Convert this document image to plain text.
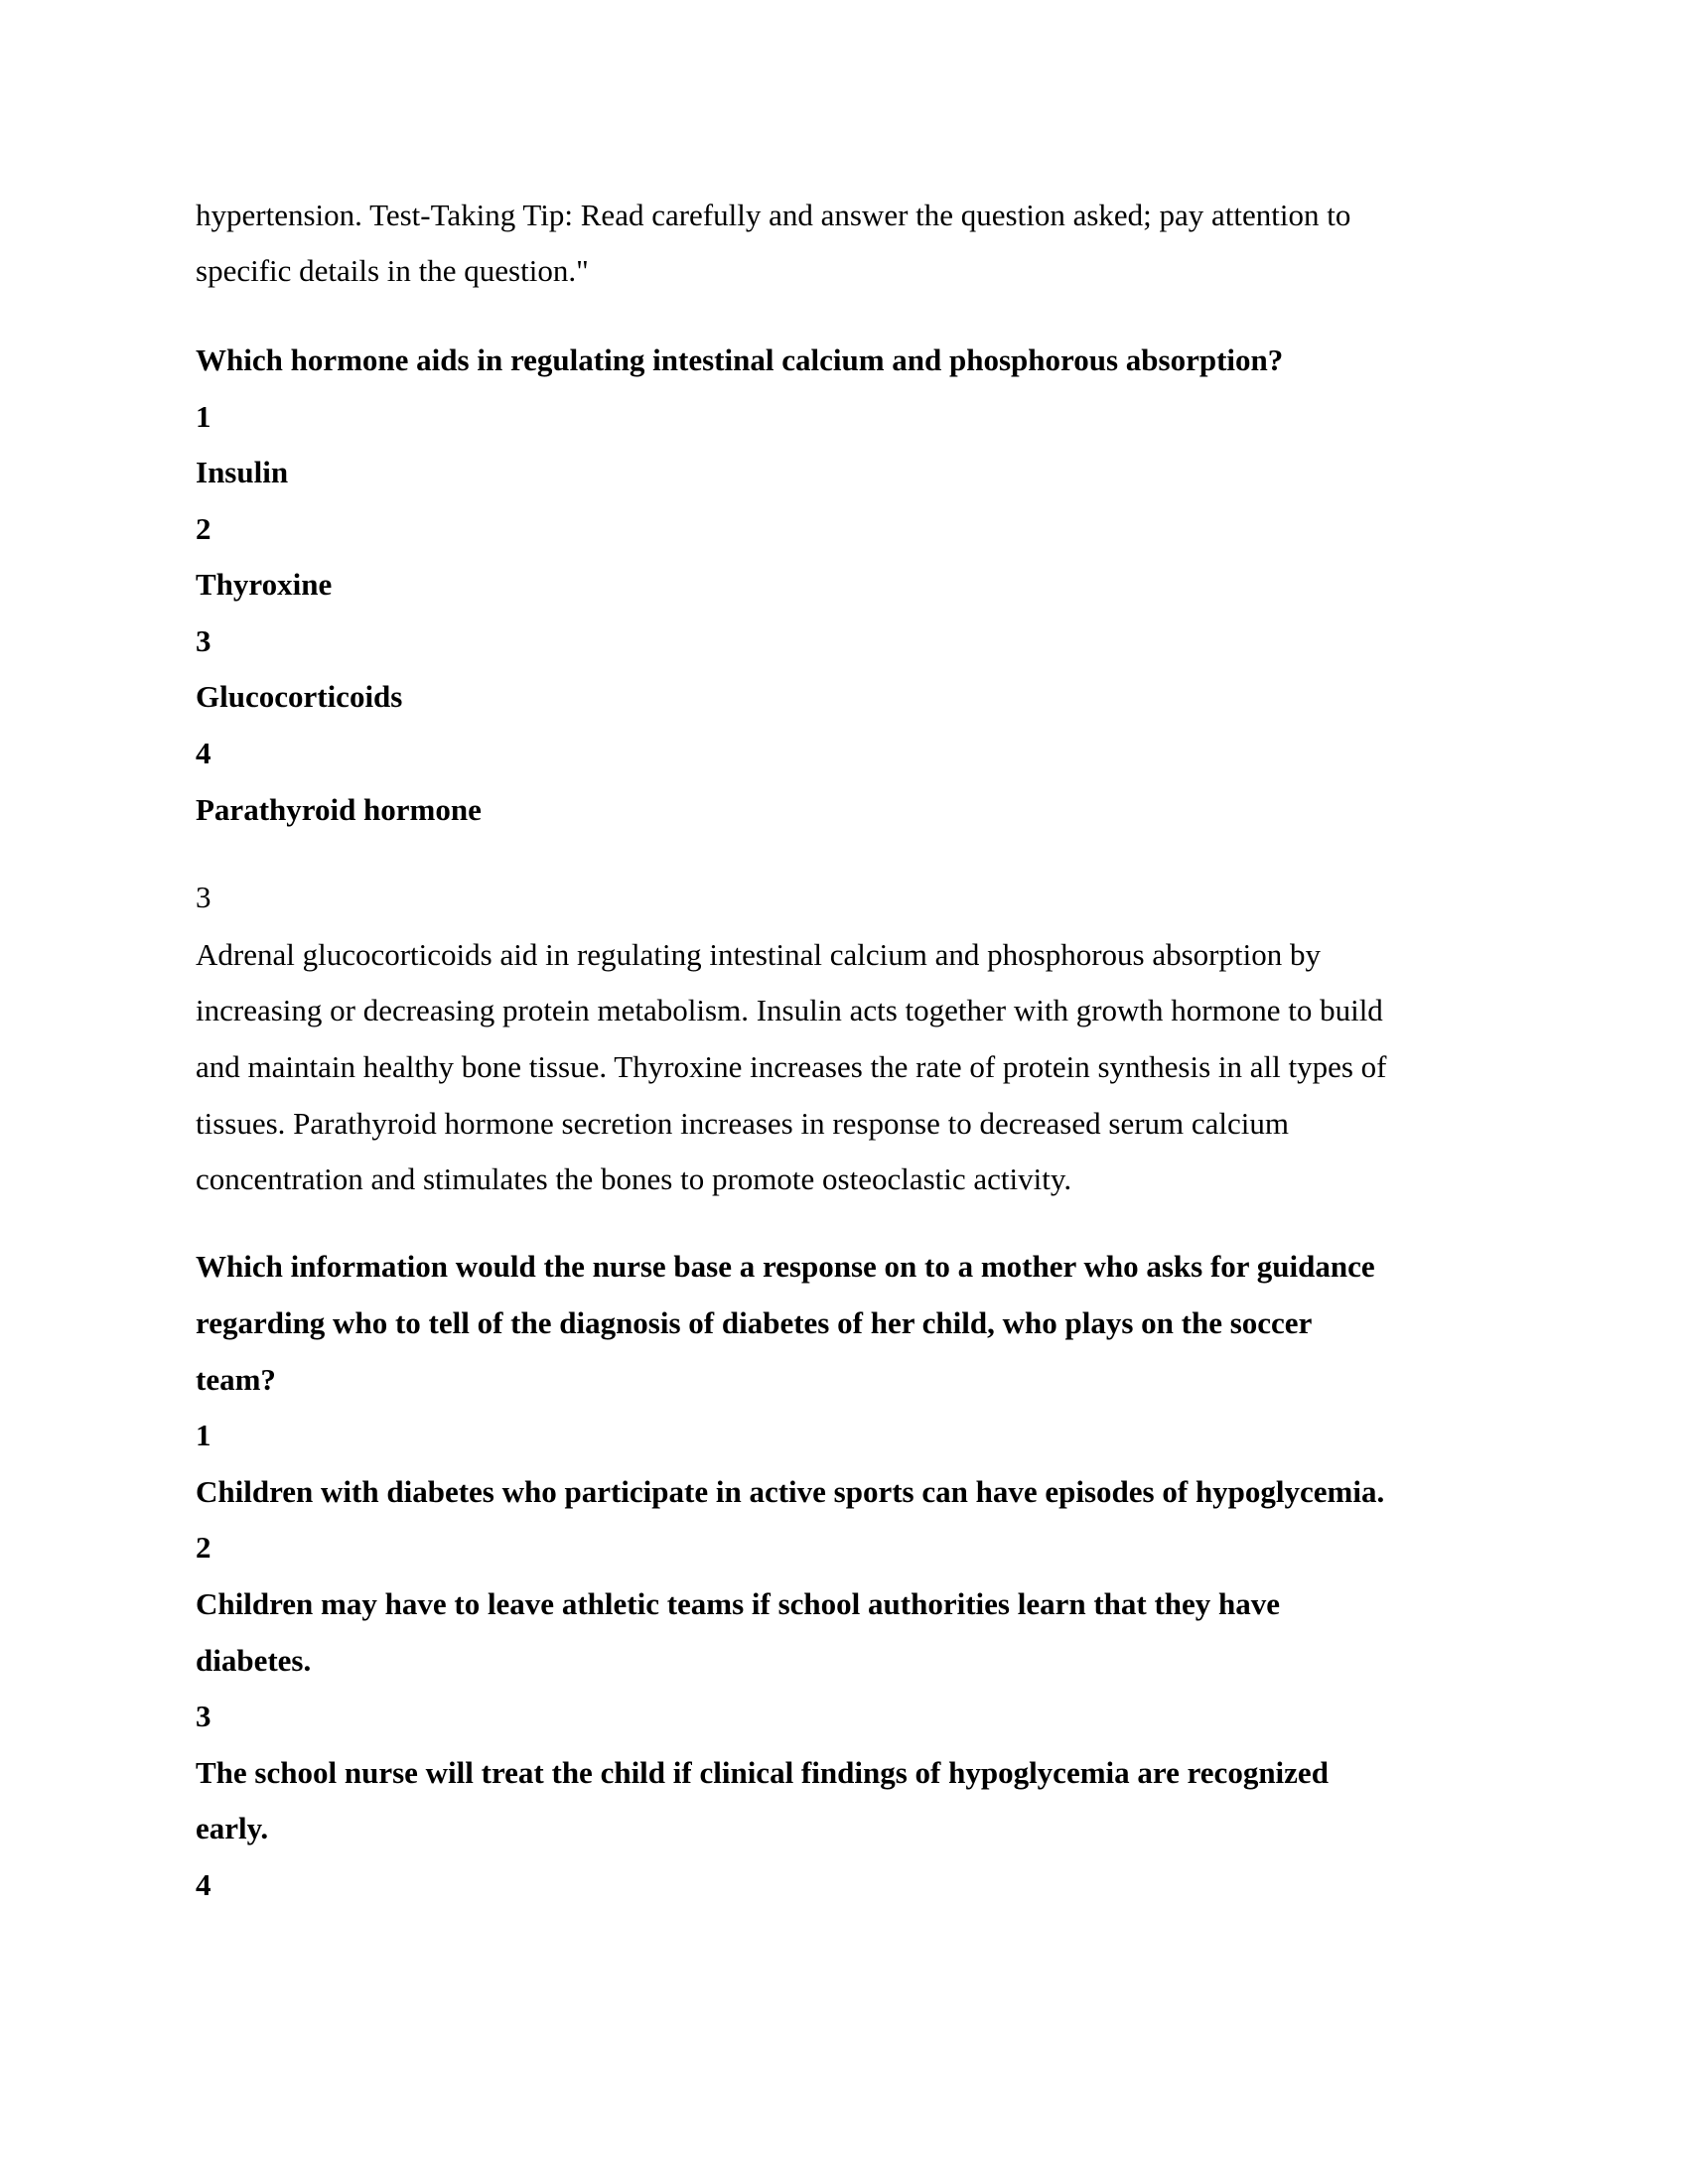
hypertension. Test-Taking Tip: Read carefully and answer the question asked; pay attention to
specific details in the question."
Which hormone aids in regulating intestinal calcium and phosphorous absorption?
1
Insulin
2
Thyroxine
3
Glucocorticoids
4
Parathyroid hormone
3
Adrenal glucocorticoids aid in regulating intestinal calcium and phosphorous absorption by
increasing or decreasing protein metabolism. Insulin acts together with growth hormone to build
and maintain healthy bone tissue. Thyroxine increases the rate of protein synthesis in all types of
tissues. Parathyroid hormone secretion increases in response to decreased serum calcium
concentration and stimulates the bones to promote osteoclastic activity.
Which information would the nurse base a response on to a mother who asks for guidance
regarding who to tell of the diagnosis of diabetes of her child, who plays on the soccer
team?
1
Children with diabetes who participate in active sports can have episodes of hypoglycemia.
2
Children may have to leave athletic teams if school authorities learn that they have
diabetes.
3
The school nurse will treat the child if clinical findings of hypoglycemia are recognized
early.
4
